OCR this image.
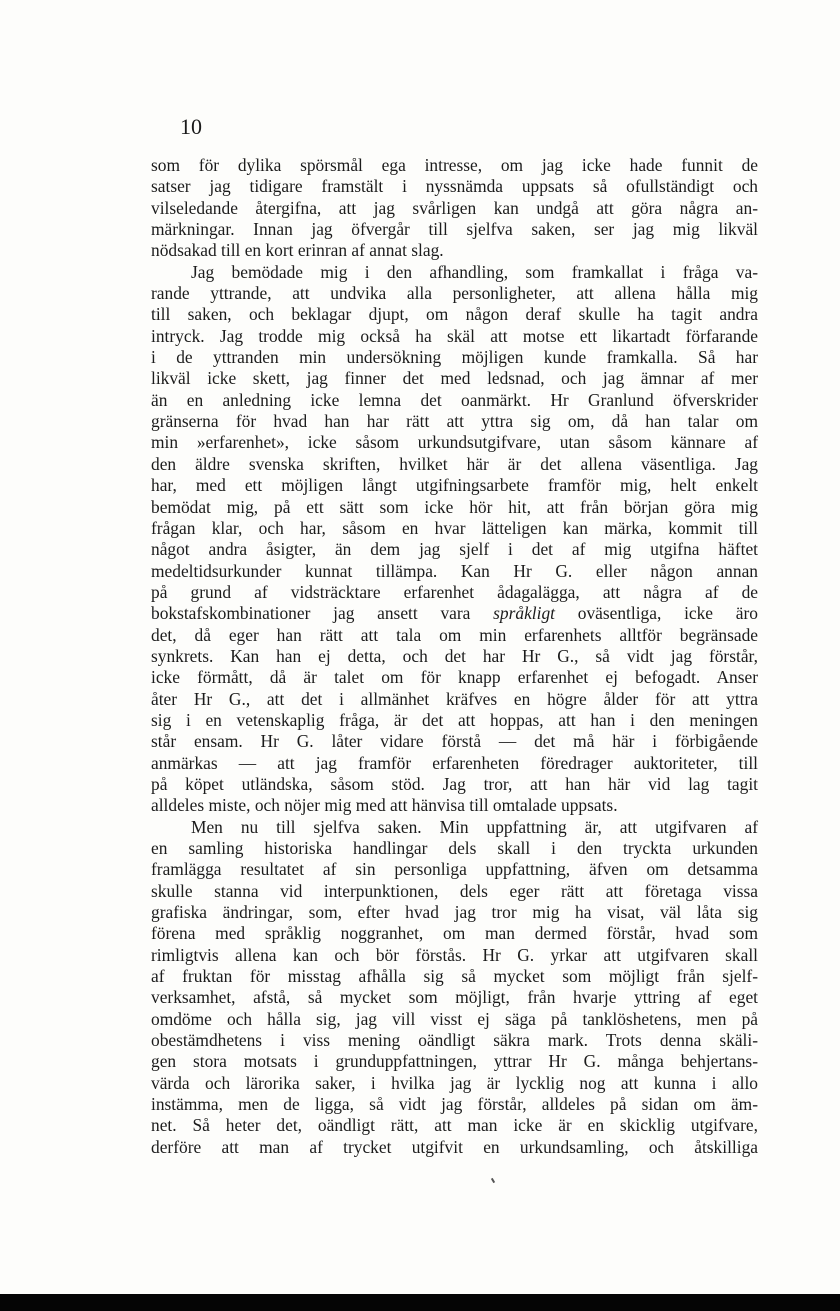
10

som för dylika spörsmål ega intresse, om jag icke hade funnit de
satser jag tidigare framstält i nyssnämda uppsats så ofullständigt och
vilseledande återgifna, att jag svårligen kan undgå att göra några an-
märkningar. Innan jag öfvergår till sjelfva saken, ser jag mig likväl
nödsakad till en kort erinran af annat slag.
Jag bemödade mig i den afhandling, som framkallat i fråga va-
rande yttrande, att undvika alla personligheter, att allena hålla mig
till saken, och beklagar djupt, om någon deraf skulle ha tagit andra
intryck. Jag trodde mig också ha skäl att motse ett likartadt förfarande
i de yttranden min undersökning möjligen kunde framkalla. Så har
likväl icke skett, jag finner det med ledsnad, och jag ämnar af mer
än en anledning icke lemna det oanmärkt. Hr Granlund öfverskrider
gränserna för hvad han har rätt att yttra sig om, då han talar om
min »erfarenhet», icke såsom urkundsutgifvare, utan såsom kännare af
den äldre svenska skriften, hvilket här är det allena väsentliga. Jag
har, med ett möjligen långt utgifningsarbete framför mig, helt enkelt
bemödat mig, på ett sätt som icke hör hit, att från början göra mig
frågan klar, och har, såsom en hvar lätteligen kan märka, kommit till
något andra åsigter, än dem jag sjelf i det af mig utgifna häftet
medeltidsurkunder kunnat tillämpa. Kan Hr G. eller någon annan
på grund af vidsträcktare erfarenhet ådagalägga, att några af de
bokstafskombinationer jag ansett vara språkligt oväsentliga, icke äro
det, då eger han rätt att tala om min erfarenhets alltför begränsade
synkrets. Kan han ej detta, och det har Hr G., så vidt jag förstår,
icke förmått, då är talet om för knapp erfarenhet ej befogadt. Anser
åter Hr G., att det i allmänhet kräfves en högre ålder för att yttra
sig i en vetenskaplig fråga, är det att hoppas, att han i den meningen
står ensam. Hr G. låter vidare förstå — det må här i förbigående
anmärkas — att jag framför erfarenheten föredrager auktoriteter, till
på köpet utländska, såsom stöd. Jag tror, att han här vid lag tagit
alldeles miste, och nöjer mig med att hänvisa till omtalade uppsats.
Men nu till sjelfva saken. Min uppfattning är, att utgifvaren af
en samling historiska handlingar dels skall i den tryckta urkunden
framlägga resultatet af sin personliga uppfattning, äfven om detsamma
skulle stanna vid interpunktionen, dels eger rätt att företaga vissa
grafiska ändringar, som, efter hvad jag tror mig ha visat, väl låta sig
förena med språklig noggranhet, om man dermed förstår, hvad som
rimligtvis allena kan och bör förstås. Hr G. yrkar att utgifvaren skall
af fruktan för misstag afhålla sig så mycket som möjligt från sjelf-
verksamhet, afstå, så mycket som möjligt, från hvarje yttring af eget
omdöme och hålla sig, jag vill visst ej säga på tanklöshetens, men på
obestämdhetens i viss mening oändligt säkra mark. Trots denna skäli-
gen stora motsats i grunduppfattningen, yttrar Hr G. många behjertans-
värda och lärorika saker, i hvilka jag är lycklig nog att kunna i allo
instämma, men de ligga, så vidt jag förstår, alldeles på sidan om äm-
net. Så heter det, oändligt rätt, att man icke är en skicklig utgifvare,
derföre att man af trycket utgifvit en urkundsamling, och åtskilliga
